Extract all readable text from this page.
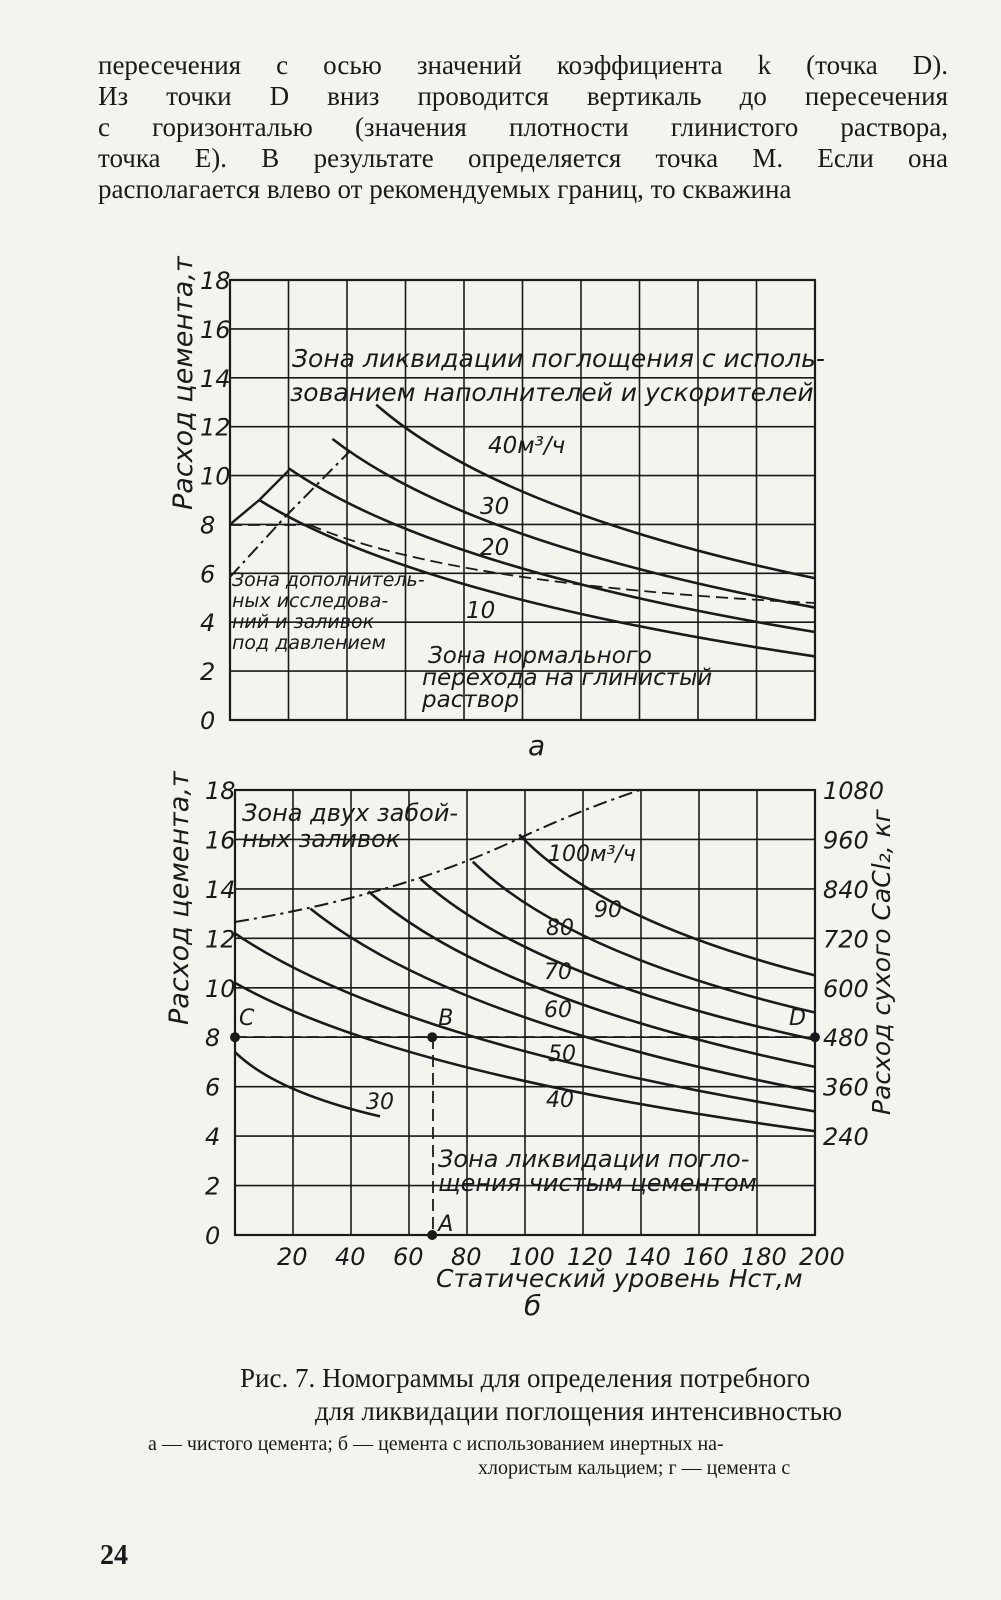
пересечения с осью значений коэффициента k (точка D).
Из точки D вниз проводится вертикаль до пересечения
с горизонталью (значения плотности глинистого раствора,
точка E). В результате определяется точка M. Если она
располагается влево от рекомендуемых границ, то скважина
C	B	D
A
0
2
4
6
8
10
12
14
16
18
0
2
4
6
8
10
12
14
16
18
240
360
480
600
720
840
960
1080
20 40 60 80 100 120 140 160 180 200
Расход цемента,т	Зона ликвидации поглощения с исполь-
зованием наполнителей и ускорителей
Зона дополнитель-
ных исследова-
ний и заливок
под давлением Зона нормального
перехода на глинистый
раствор
40м³/ч
30
20
10
а
Расход цемента,т	Расход сухого CaCl₂, кг
Зона двух забой-
ных заливок
Зона ликвидации погло-
щения чистым цементом
100м³/ч
90
80
70
60
50
40
30
Статический уровень Hст,м
б
Рис. 7. Номограммы для определения потребного
для ликвидации поглощения интенсивностью
а — чистого цемента; б — цемента с использованием инертных на-
хлористым кальцием; г — цемента с
24
